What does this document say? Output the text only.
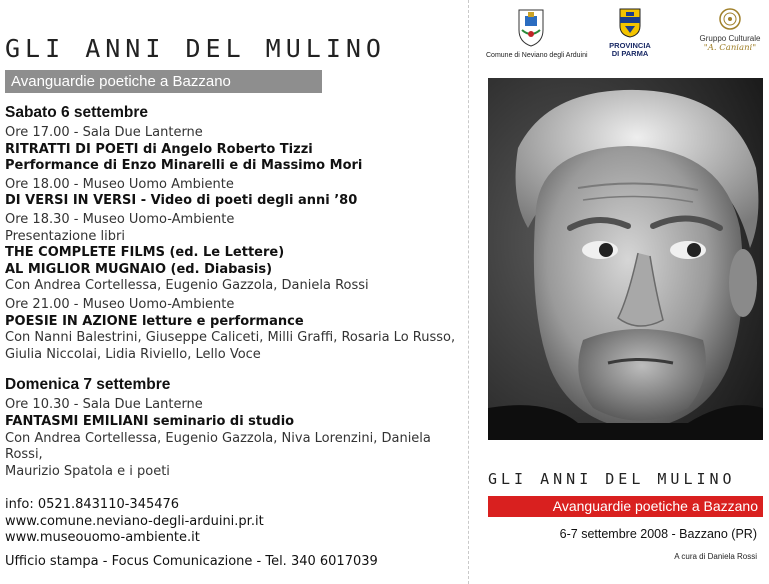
GLI ANNI DEL MULINO
Avanguardie poetiche a Bazzano
Sabato 6 settembre
Ore 17.00 - Sala Due Lanterne
RITRATTI DI POETI di Angelo Roberto Tizzi
Performance di Enzo Minarelli e di Massimo Mori
Ore 18.00 - Museo Uomo Ambiente
DI VERSI IN VERSI - Video di poeti degli anni ’80
Ore 18.30 - Museo Uomo-Ambiente
Presentazione libri
THE COMPLETE FILMS (ed. Le Lettere)
AL MIGLIOR MUGNAIO (ed. Diabasis)
Con Andrea Cortellessa, Eugenio Gazzola, Daniela Rossi
Ore 21.00 - Museo Uomo-Ambiente
POESIE IN AZIONE letture e performance
Con Nanni Balestrini, Giuseppe Caliceti, Milli Graffi, Rosaria Lo Russo,
Giulia Niccolai, Lidia Riviello, Lello Voce
Domenica 7 settembre
Ore 10.30 - Sala Due Lanterne
FANTASMI EMILIANI seminario di studio
Con Andrea Cortellessa, Eugenio Gazzola, Niva Lorenzini, Daniela Rossi,
Maurizio Spatola e i poeti
info: 0521.843110-345476
www.comune.neviano-degli-arduini.pr.it
www.museouomo-ambiente.it
Ufficio stampa - Focus Comunicazione - Tel. 340 6017039
Comune di Neviano degli Arduini
PROVINCIA
DI PARMA
Gruppo Culturale
"A. Caniani"
GLI ANNI DEL MULINO
Avanguardie poetiche a Bazzano
6-7 settembre 2008 - Bazzano (PR)
A cura di Daniela Rossi
